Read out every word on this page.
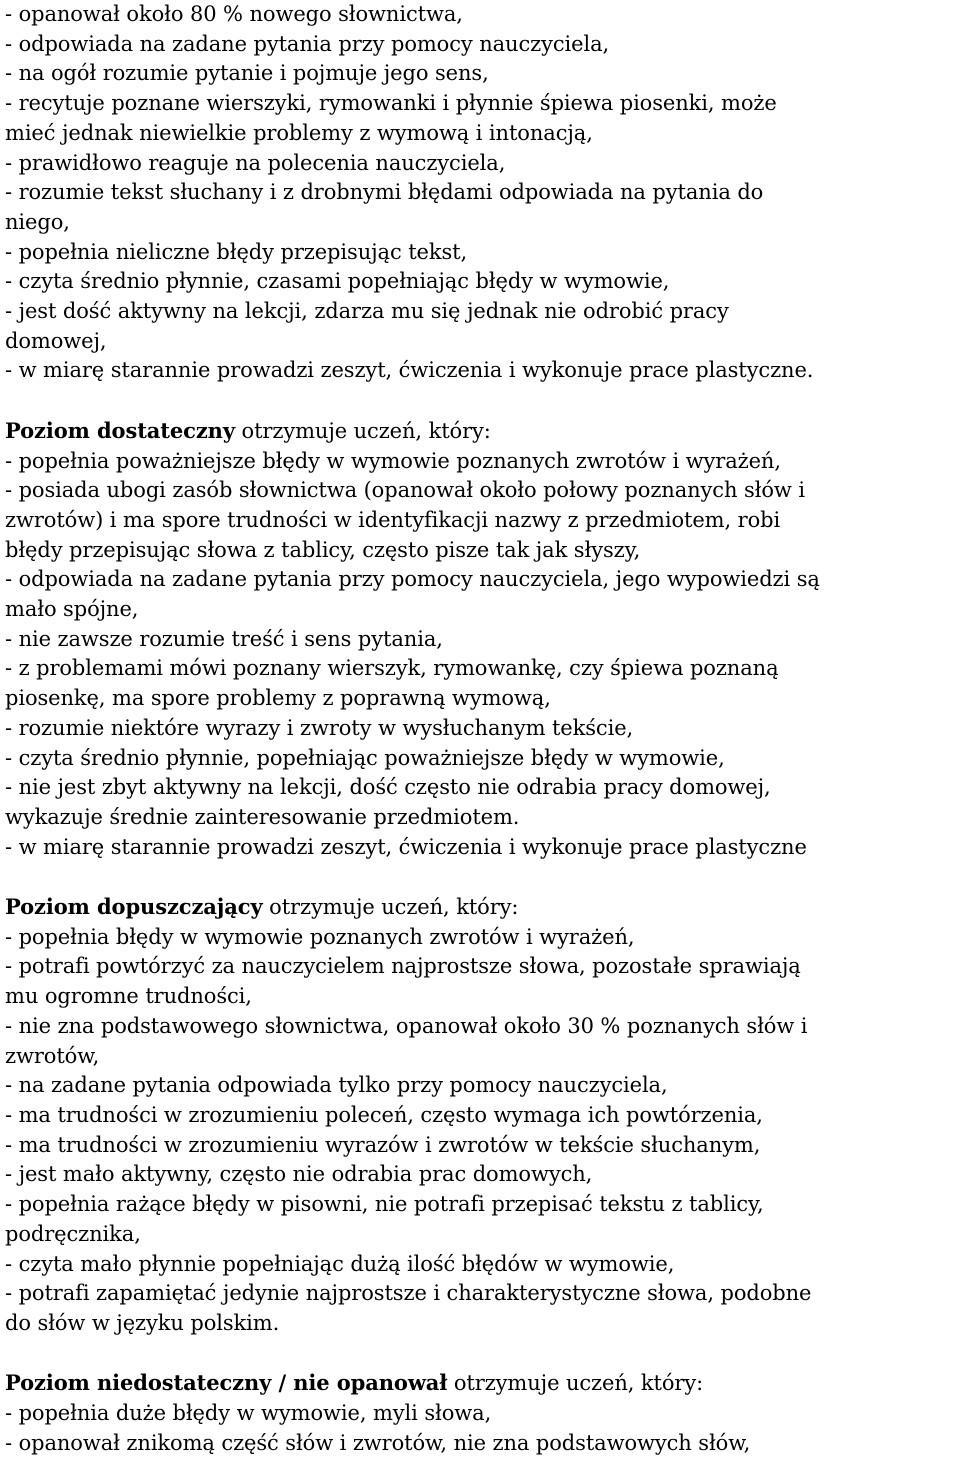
- opanował około 80 % nowego słownictwa,
- odpowiada na zadane pytania przy pomocy nauczyciela,
- na ogół rozumie pytanie i pojmuje jego sens,
- recytuje poznane wierszyki, rymowanki i płynnie śpiewa piosenki, może
mieć jednak niewielkie problemy z wymową i intonacją,
- prawidłowo reaguje na polecenia nauczyciela,
- rozumie tekst słuchany i z drobnymi błędami odpowiada na pytania do
niego,
- popełnia nieliczne błędy przepisując tekst,
- czyta średnio płynnie, czasami popełniając błędy w wymowie,
- jest dość aktywny na lekcji, zdarza mu się jednak nie odrobić pracy
domowej,
- w miarę starannie prowadzi zeszyt, ćwiczenia i wykonuje prace plastyczne.
Poziom dostateczny otrzymuje uczeń, który:
- popełnia poważniejsze błędy w wymowie poznanych zwrotów i wyrażeń,
- posiada ubogi zasób słownictwa (opanował około połowy poznanych słów i
zwrotów) i ma spore trudności w identyfikacji nazwy z przedmiotem, robi
błędy przepisując słowa z tablicy, często pisze tak jak słyszy,
- odpowiada na zadane pytania przy pomocy nauczyciela, jego wypowiedzi są
mało spójne,
- nie zawsze rozumie treść i sens pytania,
- z problemami mówi poznany wierszyk, rymowankę, czy śpiewa poznaną
piosenkę, ma spore problemy z poprawną wymową,
- rozumie niektóre wyrazy i zwroty w wysłuchanym tekście,
- czyta średnio płynnie, popełniając poważniejsze błędy w wymowie,
- nie jest zbyt aktywny na lekcji, dość często nie odrabia pracy domowej,
wykazuje średnie zainteresowanie przedmiotem.
- w miarę starannie prowadzi zeszyt, ćwiczenia i wykonuje prace plastyczne
Poziom dopuszczający otrzymuje uczeń, który:
- popełnia błędy w wymowie poznanych zwrotów i wyrażeń,
- potrafi powtórzyć za nauczycielem najprostsze słowa, pozostałe sprawiają
mu ogromne trudności,
- nie zna podstawowego słownictwa, opanował około 30 % poznanych słów i
zwrotów,
- na zadane pytania odpowiada tylko przy pomocy nauczyciela,
- ma trudności w zrozumieniu poleceń, często wymaga ich powtórzenia,
- ma trudności w zrozumieniu wyrazów i zwrotów w tekście słuchanym,
- jest mało aktywny, często nie odrabia prac domowych,
- popełnia rażące błędy w pisowni, nie potrafi przepisać tekstu z tablicy,
podręcznika,
- czyta mało płynnie popełniając dużą ilość błędów w wymowie,
- potrafi zapamiętać jedynie najprostsze i charakterystyczne słowa, podobne
do słów w języku polskim.
Poziom niedostateczny / nie opanował otrzymuje uczeń, który:
- popełnia duże błędy w wymowie, myli słowa,
- opanował znikomą część słów i zwrotów, nie zna podstawowych słów,
